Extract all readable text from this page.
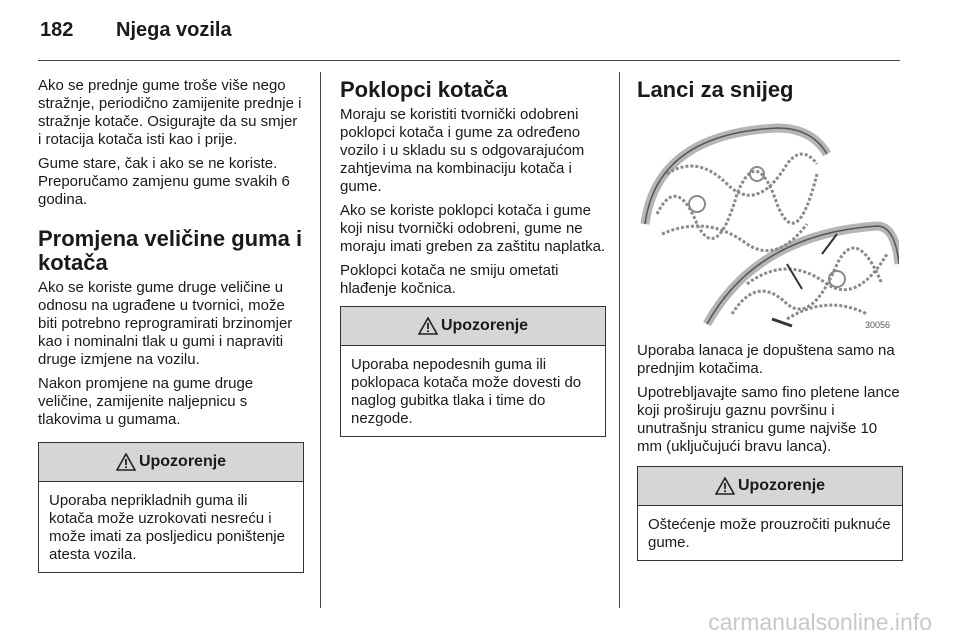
182 Njega vozila

Ako se prednje gume troše više nego stražnje, periodično zamijenite prednje i stražnje kotače. Osigurajte da su smjer i rotacija kotača isti kao i prije.

Gume stare, čak i ako se ne koriste. Preporučamo zamjenu gume svakih 6 godina.

Promjena veličine guma i kotača

Ako se koriste gume druge veličine u odnosu na ugrađene u tvornici, može biti potrebno reprogramirati brzinomjer kao i nominalni tlak u gumi i napraviti druge izmjene na vozilu.

Nakon promjene na gume druge veličine, zamijenite naljepnicu s tlakovima u gumama.

Upozorenje
Uporaba neprikladnih guma ili kotača može uzrokovati nesreću i može imati za posljedicu poništenje atesta vozila.
Poklopci kotača

Moraju se koristiti tvornički odobreni poklopci kotača i gume za određeno vozilo i u skladu su s odgovarajućom zahtjevima na kombinaciju kotača i gume.

Ako se koriste poklopci kotača i gume koji nisu tvornički odobreni, gume ne moraju imati greben za zaštitu naplatka.

Poklopci kotača ne smiju ometati hlađenje kočnica.

Upozorenje
Uporaba nepodesnih guma ili poklopaca kotača može dovesti do naglog gubitka tlaka i time do nezgode.
Lanci za snijeg
30056

Uporaba lanaca je dopuštena samo na prednjim kotačima.

Upotrebljavajte samo fino pletene lance koji proširuju gaznu površinu i unutrašnju stranicu gume najviše 10 mm (uključujući bravu lanca).

Upozorenje
Oštećenje može prouzročiti puknuće gume.
carmanualsonline.info
